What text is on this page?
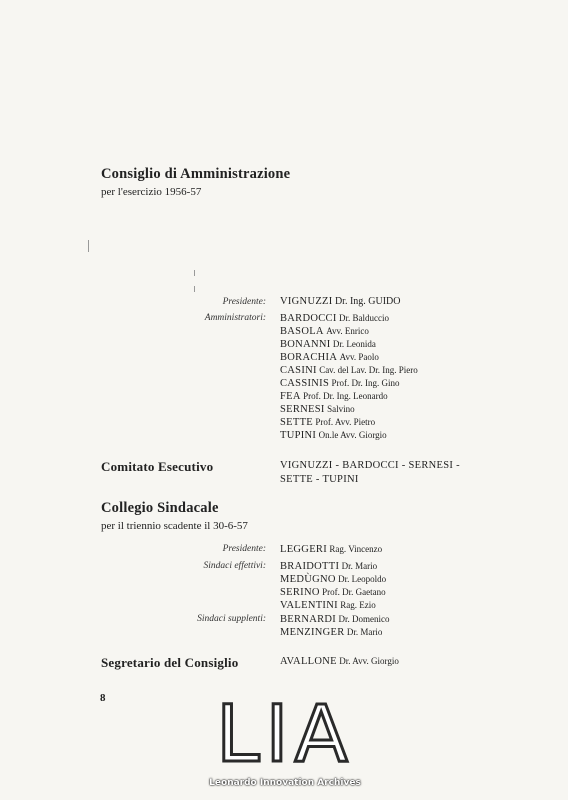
Consiglio di Amministrazione
per l'esercizio 1956-57
Presidente: VIGNUZZI Dr. Ing. GUIDO
Amministratori: BARDOCCI Dr. Balduccio
BASOLA Avv. Enrico
BONANNI Dr. Leonida
BORACHIA Avv. Paolo
CASINI Cav. del Lav. Dr. Ing. Piero
CASSINIS Prof. Dr. Ing. Gino
FEA Prof. Dr. Ing. Leonardo
SERNESI Salvino
SETTE Prof. Avv. Pietro
TUPINI On.le Avv. Giorgio
Comitato Esecutivo	VIGNUZZI - BARDOCCI - SERNESI - SETTE - TUPINI
Collegio Sindacale
per il triennio scadente il 30-6-57
Presidente: LEGGERI Rag. Vincenzo
Sindaci effettivi: BRAIDOTTI Dr. Mario
MEDÙGNO Dr. Leopoldo
SERINO Prof. Dr. Gaetano
VALENTINI Rag. Ezio
Sindaci supplenti: BERNARDI Dr. Domenico
MENZINGER Dr. Mario
Segretario del Consiglio	AVALLONE Dr. Avv. Giorgio
8 LIA
Leonardo Innovation Archives
